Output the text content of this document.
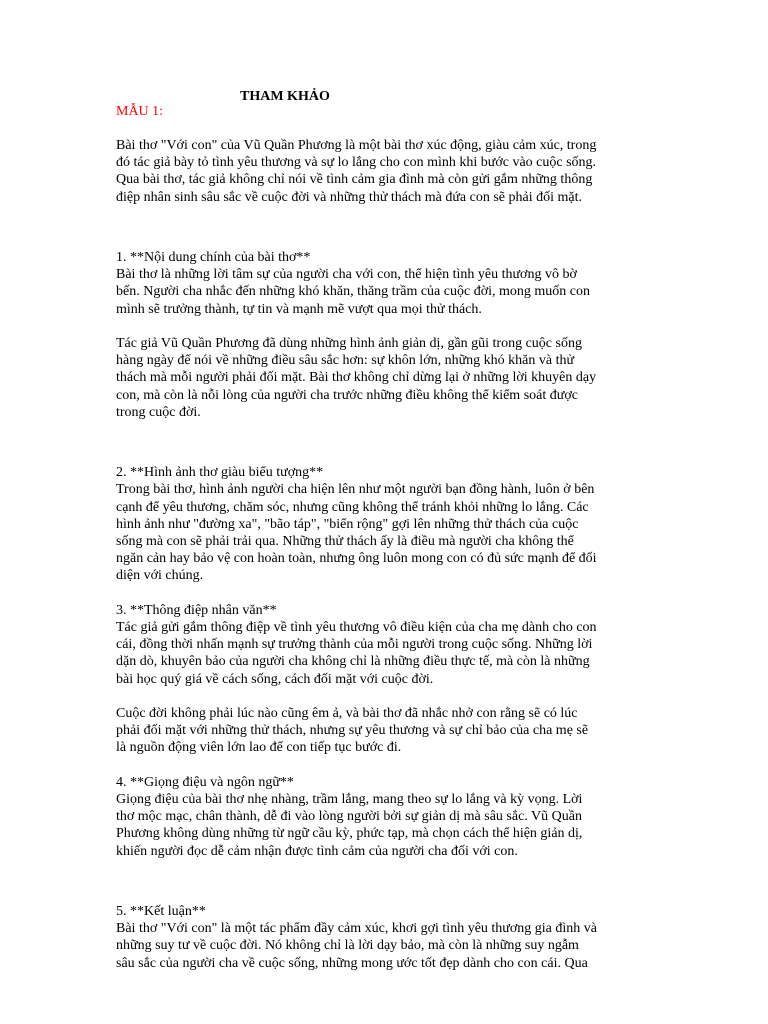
THAM KHẢO
MẪU 1:
Bài thơ "Với con" của Vũ Quần Phương là một bài thơ xúc động, giàu cảm xúc, trong
đó tác giả bày tỏ tình yêu thương và sự lo lắng cho con mình khi bước vào cuộc sống.
Qua bài thơ, tác giả không chỉ nói về tình cảm gia đình mà còn gửi gắm những thông
điệp nhân sinh sâu sắc về cuộc đời và những thử thách mà đứa con sẽ phải đối mặt.
1. **Nội dung chính của bài thơ**
Bài thơ là những lời tâm sự của người cha với con, thể hiện tình yêu thương vô bờ
bến. Người cha nhắc đến những khó khăn, thăng trầm của cuộc đời, mong muốn con
mình sẽ trưởng thành, tự tin và mạnh mẽ vượt qua mọi thử thách.
Tác giả Vũ Quần Phương đã dùng những hình ảnh giản dị, gần gũi trong cuộc sống
hàng ngày để nói về những điều sâu sắc hơn: sự khôn lớn, những khó khăn và thử
thách mà mỗi người phải đối mặt. Bài thơ không chỉ dừng lại ở những lời khuyên dạy
con, mà còn là nỗi lòng của người cha trước những điều không thể kiểm soát được
trong cuộc đời.
2. **Hình ảnh thơ giàu biểu tượng**
Trong bài thơ, hình ảnh người cha hiện lên như một người bạn đồng hành, luôn ở bên
cạnh để yêu thương, chăm sóc, nhưng cũng không thể tránh khỏi những lo lắng. Các
hình ảnh như "đường xa", "bão táp", "biển rộng" gợi lên những thử thách của cuộc
sống mà con sẽ phải trải qua. Những thử thách ấy là điều mà người cha không thể
ngăn cản hay bảo vệ con hoàn toàn, nhưng ông luôn mong con có đủ sức mạnh để đối
diện với chúng.
3. **Thông điệp nhân văn**
Tác giả gửi gắm thông điệp về tình yêu thương vô điều kiện của cha mẹ dành cho con
cái, đồng thời nhấn mạnh sự trưởng thành của mỗi người trong cuộc sống. Những lời
dặn dò, khuyên bảo của người cha không chỉ là những điều thực tế, mà còn là những
bài học quý giá về cách sống, cách đối mặt với cuộc đời.
Cuộc đời không phải lúc nào cũng êm ả, và bài thơ đã nhắc nhở con rằng sẽ có lúc
phải đối mặt với những thử thách, nhưng sự yêu thương và sự chỉ bảo của cha mẹ sẽ
là nguồn động viên lớn lao để con tiếp tục bước đi.
4. **Giọng điệu và ngôn ngữ**
Giọng điệu của bài thơ nhẹ nhàng, trầm lắng, mang theo sự lo lắng và kỳ vọng. Lời
thơ mộc mạc, chân thành, dễ đi vào lòng người bởi sự giản dị mà sâu sắc. Vũ Quần
Phương không dùng những từ ngữ cầu kỳ, phức tạp, mà chọn cách thể hiện giản dị,
khiến người đọc dễ cảm nhận được tình cảm của người cha đối với con.
5. **Kết luận**
Bài thơ "Với con" là một tác phẩm đầy cảm xúc, khơi gợi tình yêu thương gia đình và
những suy tư về cuộc đời. Nó không chỉ là lời dạy bảo, mà còn là những suy ngẫm
sâu sắc của người cha về cuộc sống, những mong ước tốt đẹp dành cho con cái. Qua
